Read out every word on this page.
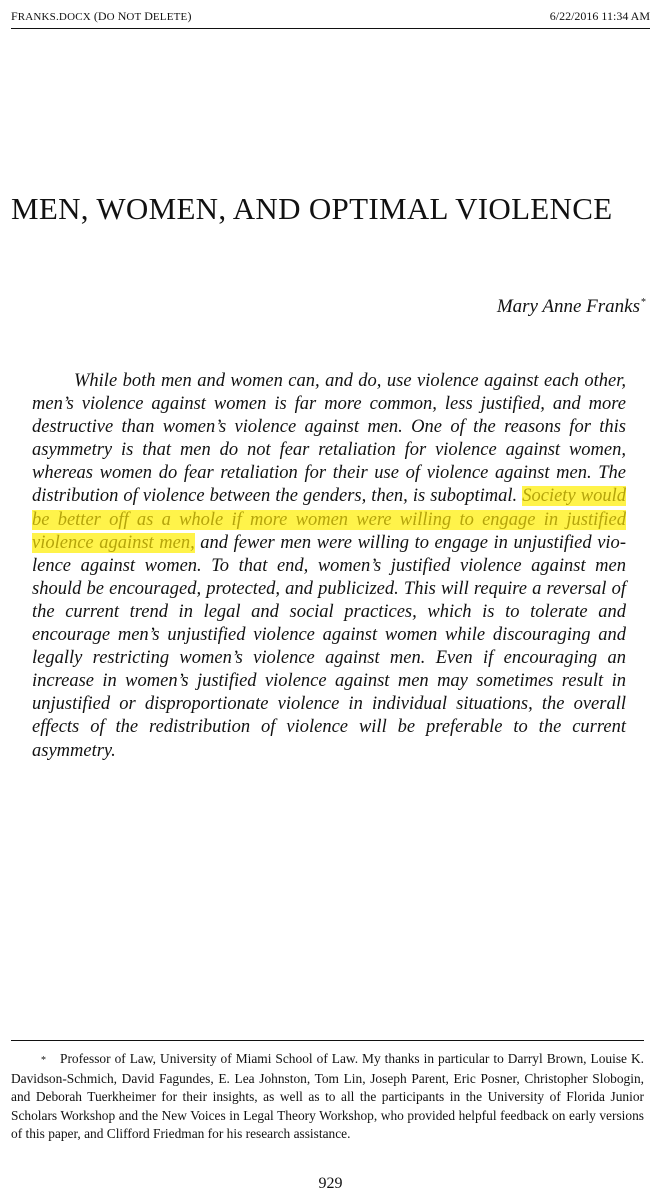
FRANKS.DOCX (DO NOT DELETE)	6/22/2016 11:34 AM
MEN, WOMEN, AND OPTIMAL VIOLENCE
Mary Anne Franks*

While both men and women can, and do, use violence against each other, men’s violence against women is far more common, less justified, and more destructive than women’s violence against men. One of the reasons for this asymmetry is that men do not fear retaliation for violence against women, whereas women do fear retaliation for their use of violence against men. The distribution of violence between the genders, then, is suboptimal. Society would be better off as a whole if more women were willing to engage in justified violence against men, and fewer men were willing to engage in unjustified violence against women. To that end, women’s justified violence against men should be encouraged, protected, and publicized. This will require a reversal of the current trend in legal and social practices, which is to tolerate and encourage men’s unjustified violence against women while discouraging and legally restricting women’s violence against men. Even if encouraging an increase in women’s justified violence against men may sometimes result in unjustified or disproportionate violence in individual situations, the overall effects of the redistribution of violence will be preferable to the current asymmetry.

* Professor of Law, University of Miami School of Law. My thanks in particular to Darryl Brown, Louise K. Davidson-Schmich, David Fagundes, E. Lea Johnston, Tom Lin, Joseph Parent, Eric Posner, Christopher Slobogin, and Deborah Tuerkheimer for their insights, as well as to all the participants in the University of Florida Junior Scholars Workshop and the New Voices in Legal Theory Workshop, who provided helpful feedback on early versions of this paper, and Clifford Friedman for his research assistance.

929
